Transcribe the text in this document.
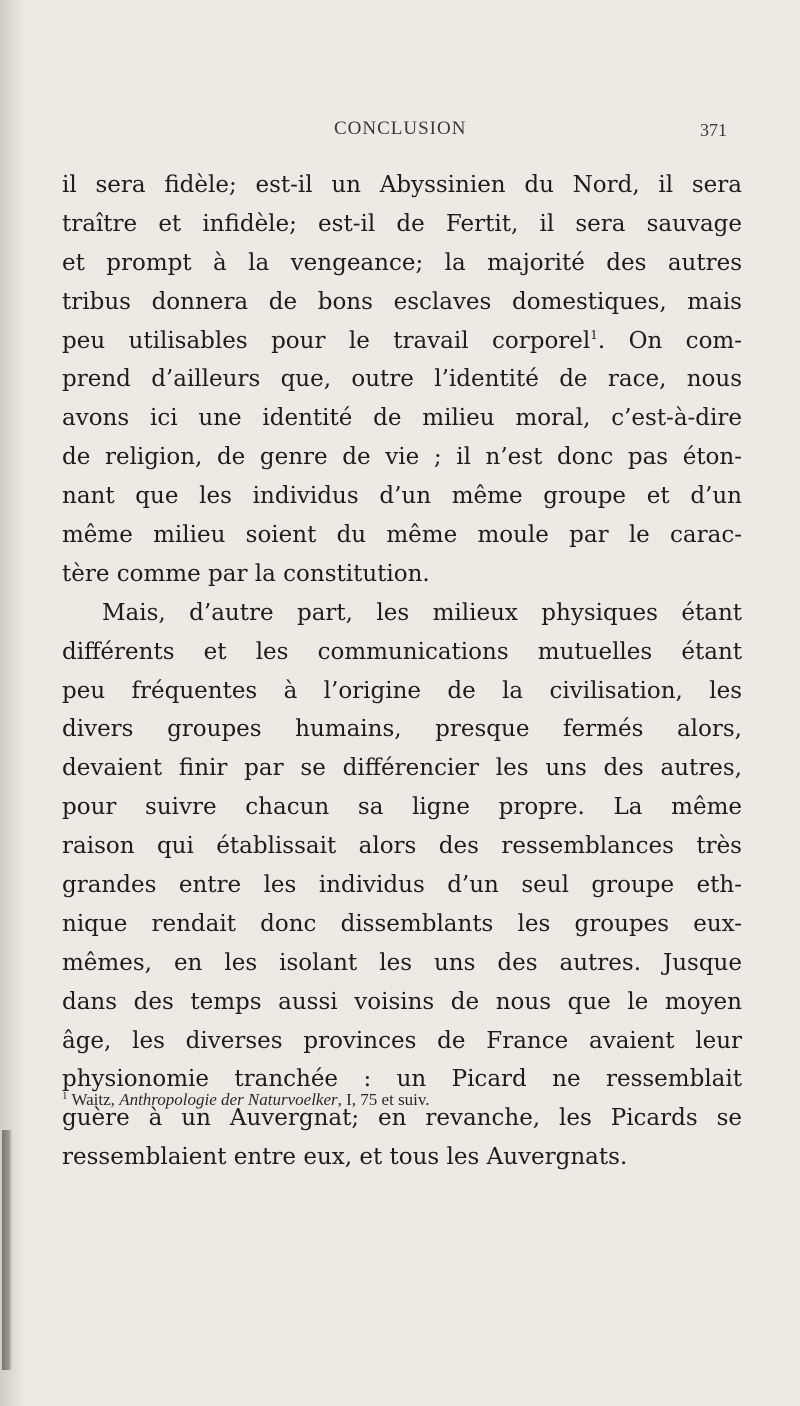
CONCLUSION	371
il sera fidèle; est-il un Abyssinien du Nord, il sera
traître et infidèle; est-il de Fertit, il sera sauvage
et prompt à la vengeance; la majorité des autres
tribus donnera de bons esclaves domestiques, mais
peu utilisables pour le travail corporel$^1$. On com-
prend d’ailleurs que, outre l’identité de race, nous
avons ici une identité de milieu moral, c’est-à-dire
de religion, de genre de vie ; il n’est donc pas éton-
nant que les individus d’un même groupe et d’un
même milieu soient du même moule par le carac-
tère comme par la constitution.
Mais, d’autre part, les milieux physiques étant
différents et les communications mutuelles étant
peu fréquentes à l’origine de la civilisation, les
divers groupes humains, presque fermés alors,
devaient finir par se différencier les uns des autres,
pour suivre chacun sa ligne propre. La même
raison qui établissait alors des ressemblances très
grandes entre les individus d’un seul groupe eth-
nique rendait donc dissemblants les groupes eux-
mêmes, en les isolant les uns des autres. Jusque
dans des temps aussi voisins de nous que le moyen
âge, les diverses provinces de France avaient leur
physionomie tranchée : un Picard ne ressemblait
guère à un Auvergnat; en revanche, les Picards se
ressemblaient entre eux, et tous les Auvergnats.
$^1$ Waitz, Anthropologie der Naturvoelker, I, 75 et suiv.
